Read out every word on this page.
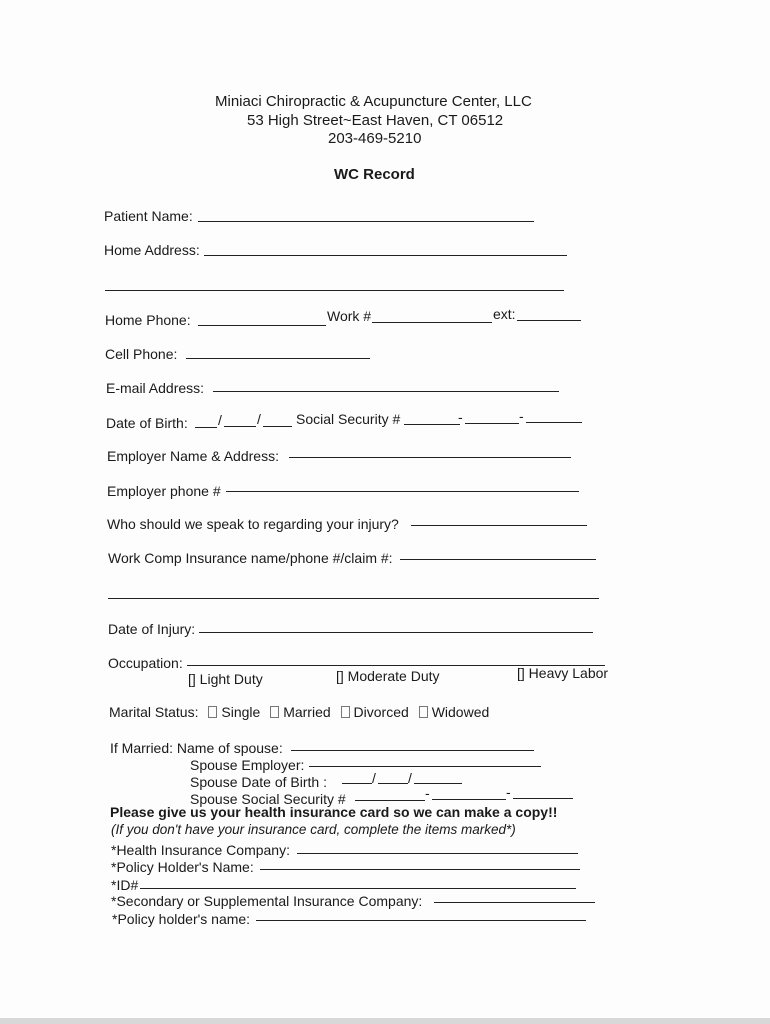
Miniaci Chiropractic & Acupuncture Center, LLC
53 High Street~East Haven, CT 06512
203-469-5210
WC Record
Patient Name:
Home Address:
Home Phone:	Work #	ext:
Cell Phone:
E-mail Address:
Date of Birth: /	/	Social Security #	-	-
Employer Name & Address:
Employer phone #
Who should we speak to regarding your injury?
Work Comp Insurance name/phone #/claim #:
Date of Injury:
Occupation:
[] Light Duty	[] Moderate Duty	[] Heavy Labor
Marital Status: Single Married Divorced Widowed
If Married: Name of spouse:
Spouse Employer:
Spouse Date of Birth :	/ /
Spouse Social Security #	-	-
Please give us your health insurance card so we can make a copy!!
(If you don't have your insurance card, complete the items marked*)
*Health Insurance Company:
*Policy Holder's Name:
*ID#
*Secondary or Supplemental Insurance Company:
*Policy holder's name:
